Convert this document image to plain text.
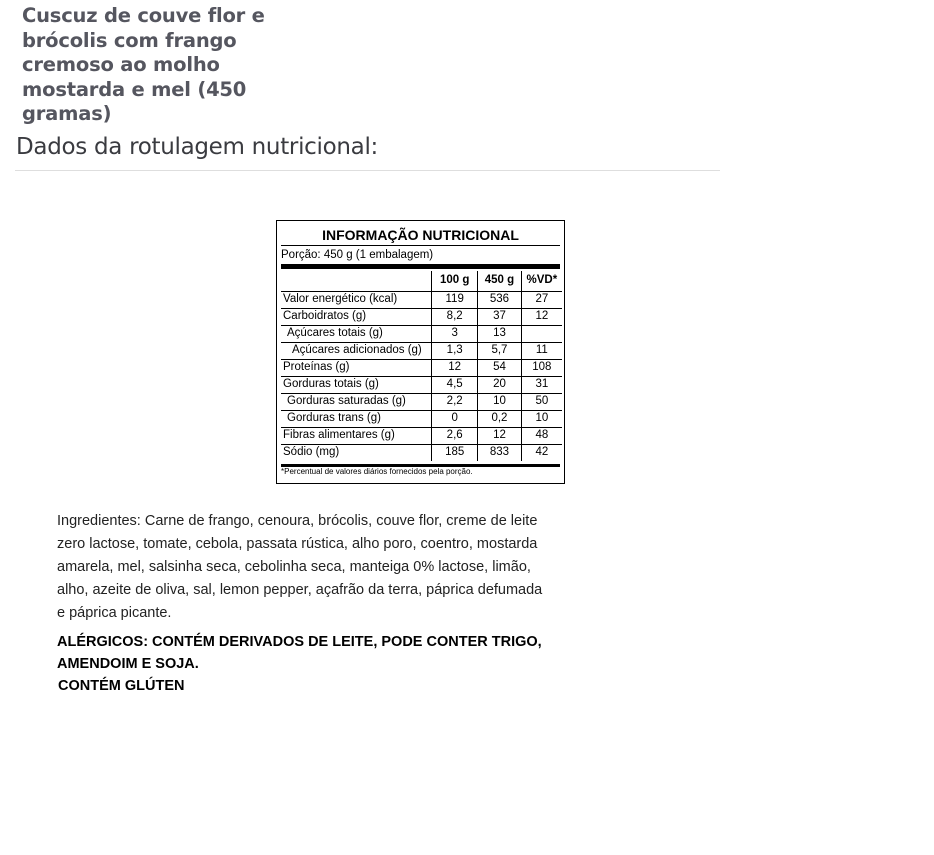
Cuscuz de couve flor e brócolis com frango cremoso ao molho mostarda e mel (450 gramas)
Dados da rotulagem nutricional:
INFORMAÇÃO NUTRICIONAL
Porção: 450 g (1 embalagem)
	100 g	450 g	%VD*
Valor energético (kcal)	119	536	27
Carboidratos (g)	8,2	37	12
Açúcares totais (g)	3	13	
Açúcares adicionados (g)	1,3	5,7	11
Proteínas (g)	12	54	108
Gorduras totais (g)	4,5	20	31
Gorduras saturadas (g)	2,2	10	50
Gorduras trans (g)	0	0,2	10
Fibras alimentares (g)	2,6	12	48
Sódio (mg)	185	833	42
*Percentual de valores diários fornecidos pela porção.

Ingredientes: Carne de frango, cenoura, brócolis, couve flor, creme de leite zero lactose, tomate, cebola, passata rústica, alho poro, coentro, mostarda amarela, mel, salsinha seca, cebolinha seca, manteiga 0% lactose, limão, alho, azeite de oliva, sal, lemon pepper, açafrão da terra, páprica defumada e páprica picante.

ALÉRGICOS: CONTÉM DERIVADOS DE LEITE, PODE CONTER TRIGO, AMENDOIM E SOJA.

CONTÉM GLÚTEN
